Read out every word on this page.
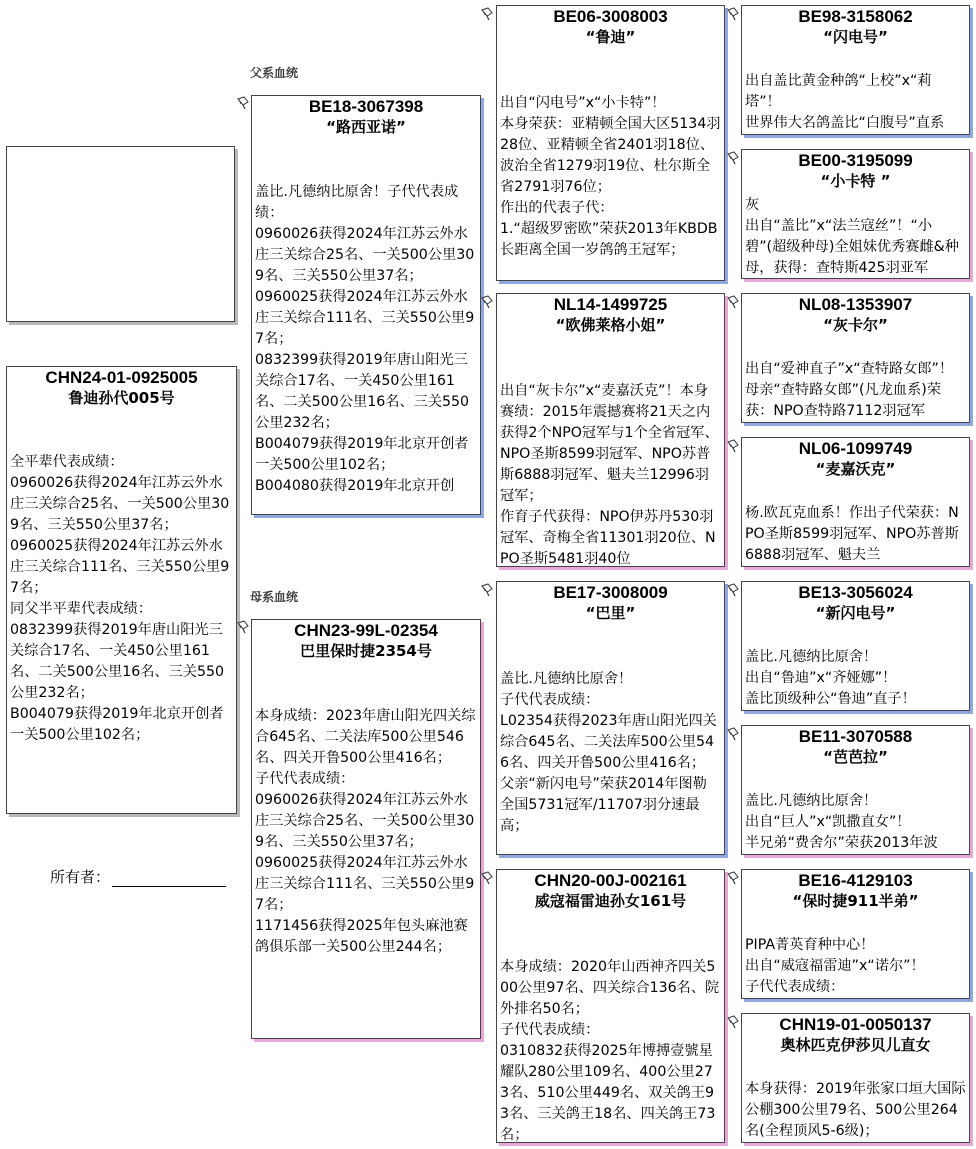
CHN24-01-0925005
鲁迪孙代005号
全平辈代表成绩：
0960026获得2024年江苏云外水庄三关综合25名、一关500公里309名、三关550公里37名；
0960025获得2024年江苏云外水庄三关综合111名、三关550公里97名；
同父半平辈代表成绩：
0832399获得2019年唐山阳光三关综合17名、一关450公里161名、二关500公里16名、三关550公里232名；
B004079获得2019年北京开创者一关500公里102名；
所有者：
父系血统
BE18-3067398
“路西亚诺”
盖比.凡德纳比原舍！子代代表成绩：
0960026获得2024年江苏云外水庄三关综合25名、一关500公里309名、三关550公里37名；
0960025获得2024年江苏云外水庄三关综合111名、三关550公里97名；
0832399获得2019年唐山阳光三关综合17名、一关450公里161名、二关500公里16名、三关550公里232名；
B004079获得2019年北京开创者一关500公里102名；
B004080获得2019年北京开创
母系血统
CHN23-99L-02354
巴里保时捷2354号
本身成绩：2023年唐山阳光四关综合645名、二关法库500公里546名、四关开鲁500公里416名；
子代代表成绩：
0960026获得2024年江苏云外水庄三关综合25名、一关500公里309名、三关550公里37名；
0960025获得2024年江苏云外水庄三关综合111名、三关550公里97名；
1171456获得2025年包头麻池赛鸽俱乐部一关500公里244名；
BE06-3008003
“鲁迪”
出自“闪电号”x“小卡特”！
本身荣获：亚精顿全国大区5134羽28位、亚精顿全省2401羽18位、波治全省1279羽19位、杜尔斯全省2791羽76位；
作出的代表子代：
1.“超级罗密欧”荣获2013年KBDB长距离全国一岁鸽鸽王冠军；
NL14-1499725
“欧佛莱格小姐”
出自“灰卡尔”x“麦嘉沃克”！本身赛绩：2015年震撼赛将21天之内获得2个NPO冠军与1个全省冠军、NPO圣斯8599羽冠军、NPO苏普斯6888羽冠军、魁夫兰12996羽冠军；
作育子代获得：NPO伊苏丹530羽冠军、奇梅全省11301羽20位、NPO圣斯5481羽40位
BE17-3008009
“巴里”
盖比.凡德纳比原舍！
子代代表成绩：
L02354获得2023年唐山阳光四关综合645名、二关法库500公里546名、四关开鲁500公里416名；
父亲“新闪电号”荣获2014年图勒全国5731冠军/11707羽分速最高；
CHN20-00J-002161
威寇福雷迪孙女161号
本身成绩：2020年山西神齐四关500公里97名、四关综合136名、院外排名50名；
子代代表成绩：
0310832获得2025年博搏壹號星耀队280公里109名、400公里273名、510公里449名、双关鸽王93名、三关鸽王18名、四关鸽王73名；
BE98-3158062
“闪电号”
出自盖比黄金种鸽“上校”x“莉塔”！
世界伟大名鸽盖比“白腹号”直系
BE00-3195099
“小卡特 ”
灰
出自“盖比”x“法兰寇丝”！“小碧”(超级种母)全姐妹优秀赛雌&种母，获得：查特斯425羽亚军
NL08-1353907
“灰卡尔”
出自“爱神直子”x“查特路女郎”！母亲“查特路女郎”(凡龙血系)荣获：NPO查特路7112羽冠军
NL06-1099749
“麦嘉沃克”
杨.欧瓦克血系！作出子代荣获：NPO圣斯8599羽冠军、NPO苏普斯6888羽冠军、魁夫兰
BE13-3056024
“新闪电号”
盖比.凡德纳比原舍！
出自“鲁迪”x“齐娅娜”！
盖比顶级种公“鲁迪”直子！
BE11-3070588
“芭芭拉”
盖比.凡德纳比原舍！
出自“巨人”x“凯撒直女”！
半兄弟“费舍尔”荣获2013年波
BE16-4129103
“保时捷911半弟”
PIPA菁英育种中心！
出自“威寇福雷迪”x“诺尔”！
子代代表成绩：
CHN19-01-0050137
奥林匹克伊莎贝儿直女
本身获得：2019年张家口垣大国际公棚300公里79名、500公里264名(全程顶风5-6级)；
